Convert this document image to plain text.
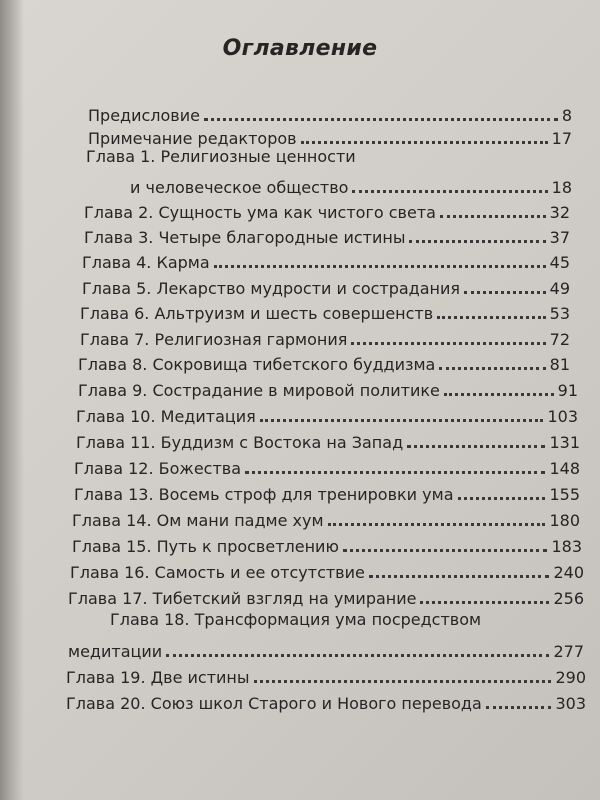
Оглавление
Предисловие	8
Примечание редакторов	17
Глава 1. Религиозные ценности
и человеческое общество	18
Глава 2. Сущность ума как чистого света	32
Глава 3. Четыре благородные истины	37
Глава 4. Карма	45
Глава 5. Лекарство мудрости и сострадания	49
Глава 6. Альтруизм и шесть совершенств	53
Глава 7. Религиозная гармония	72
Глава 8. Сокровища тибетского буддизма	81
Глава 9. Сострадание в мировой политике	91
Глава 10. Медитация	103
Глава 11. Буддизм с Востока на Запад	131
Глава 12. Божества	148
Глава 13. Восемь строф для тренировки ума	155
Глава 14. Ом мани падме хум	180
Глава 15. Путь к просветлению	183
Глава 16. Самость и ее отсутствие	240
Глава 17. Тибетский взгляд на умирание	256
Глава 18. Трансформация ума посредством
медитации	277
Глава 19. Две истины	290
Глава 20. Союз школ Старого и Нового перевода	303
